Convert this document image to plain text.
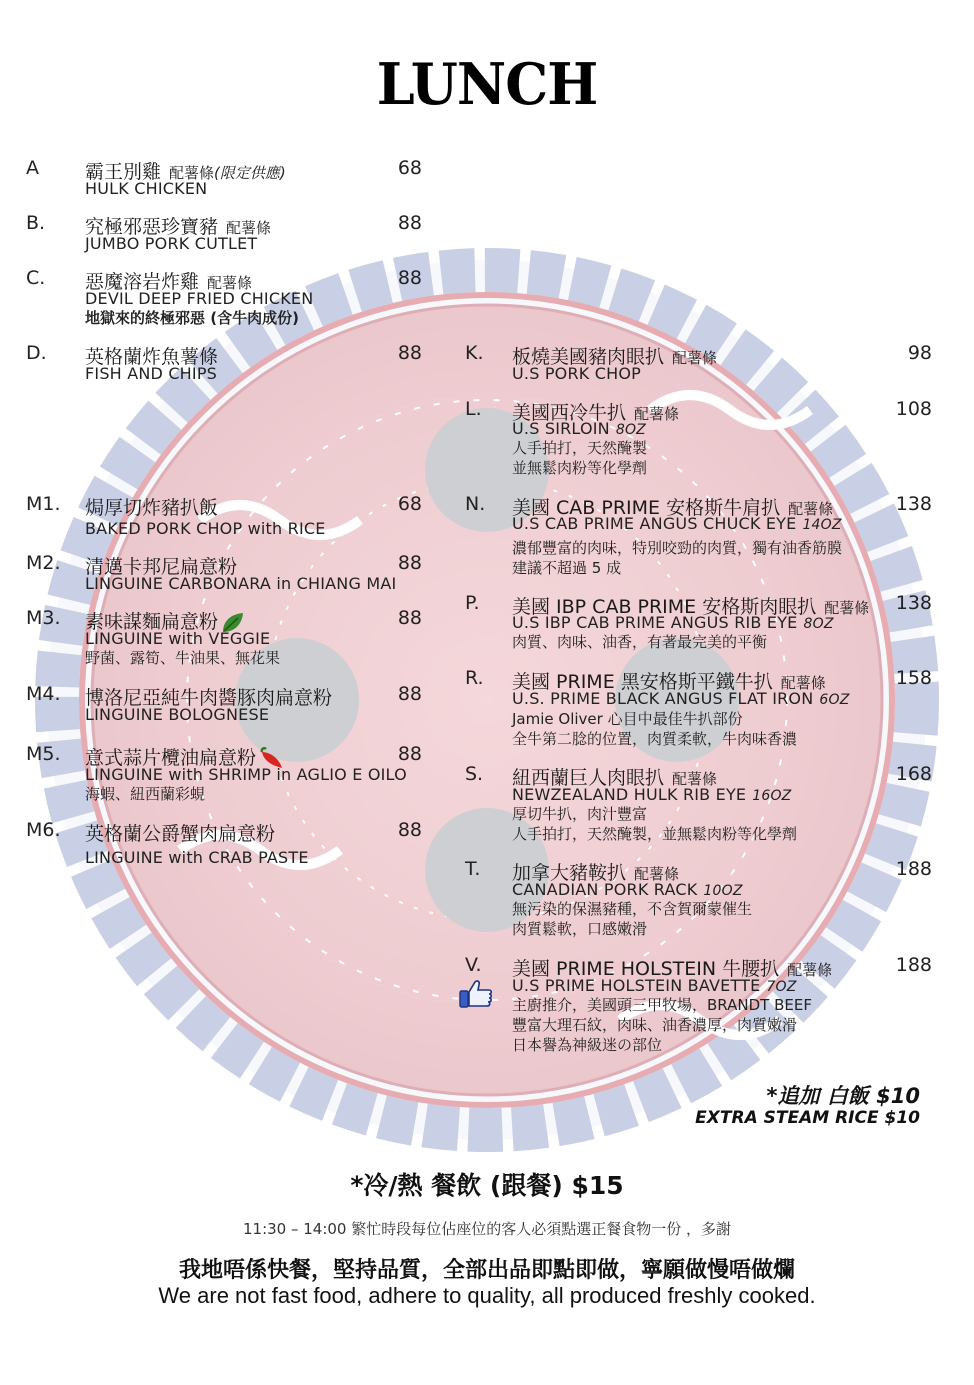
LUNCH
A 霸王別雞 配薯條(限定供應)
HULK CHICKEN
68
B. 究極邪惡珍寶豬 配薯條
JUMBO PORK CUTLET
88
C. 惡魔溶岩炸雞 配薯條
DEVIL DEEP FRIED CHICKEN
地獄來的終極邪惡 (含牛肉成份)
88
D. 英格蘭炸魚薯條
FISH AND CHIPS
88
M1. 焗厚切炸豬扒飯
BAKED PORK CHOP with RICE
68
M2. 清邁卡邦尼扁意粉
LINGUINE CARBONARA in CHIANG MAI
88
M3. 素味謀麵扁意粉
LINGUINE with VEGGIE
野菌、露筍、牛油果、無花果
88
M4. 博洛尼亞純牛肉醬豚肉扁意粉
LINGUINE BOLOGNESE
88
M5. 意式蒜片欖油扁意粉
LINGUINE with SHRIMP in AGLIO E OILO
海蝦、紐西蘭彩蜆
88
M6. 英格蘭公爵蟹肉扁意粉
LINGUINE with CRAB PASTE
88
K. 板燒美國豬肉眼扒 配薯條
U.S PORK CHOP
98
L. 美國西冷牛扒 配薯條
U.S SIRLOIN 8OZ
人手拍打，天然醃製
並無鬆肉粉等化學劑
108
N. 美國 CAB PRIME 安格斯牛肩扒 配薯條
U.S CAB PRIME ANGUS CHUCK EYE 14OZ
濃郁豐富的肉味，特別咬勁的肉質，獨有油香筋膜
建議不超過 5 成
138
P. 美國 IBP CAB PRIME 安格斯肉眼扒 配薯條
U.S IBP CAB PRIME ANGUS RIB EYE 8OZ
肉質、肉味、油香，有著最完美的平衡
138
R. 美國 PRIME 黑安格斯平鐵牛扒 配薯條
U.S. PRIME BLACK ANGUS FLAT IRON 6OZ
Jamie Oliver 心目中最佳牛扒部份
全牛第二腍的位置，肉質柔軟，牛肉味香濃
158
S. 紐西蘭巨人肉眼扒 配薯條
NEWZEALAND HULK RIB EYE 16OZ
厚切牛扒，肉汁豐富
人手拍打，天然醃製，並無鬆肉粉等化學劑
168
T. 加拿大豬鞍扒 配薯條
CANADIAN PORK RACK 10OZ
無污染的保濕豬種，不含賀爾蒙催生
肉質鬆軟，口感嫩滑
188
V. 美國 PRIME HOLSTEIN 牛腰扒 配薯條
U.S PRIME HOLSTEIN BAVETTE 7OZ
主廚推介，美國頭三甲牧場，BRANDT BEEF
豐富大理石紋，肉味、油香濃厚，肉質嫩滑
日本譽為神級迷の部位
188
*追加 白飯 $10
EXTRA STEAM RICE $10
*冷/熱 餐飲 (跟餐) $15
11:30 – 14:00 繁忙時段每位佔座位的客人必須點選正餐食物一份 ，多謝
我地唔係快餐，堅持品質，全部出品即點即做，寧願做慢唔做爛
We are not fast food, adhere to quality, all produced freshly cooked.
